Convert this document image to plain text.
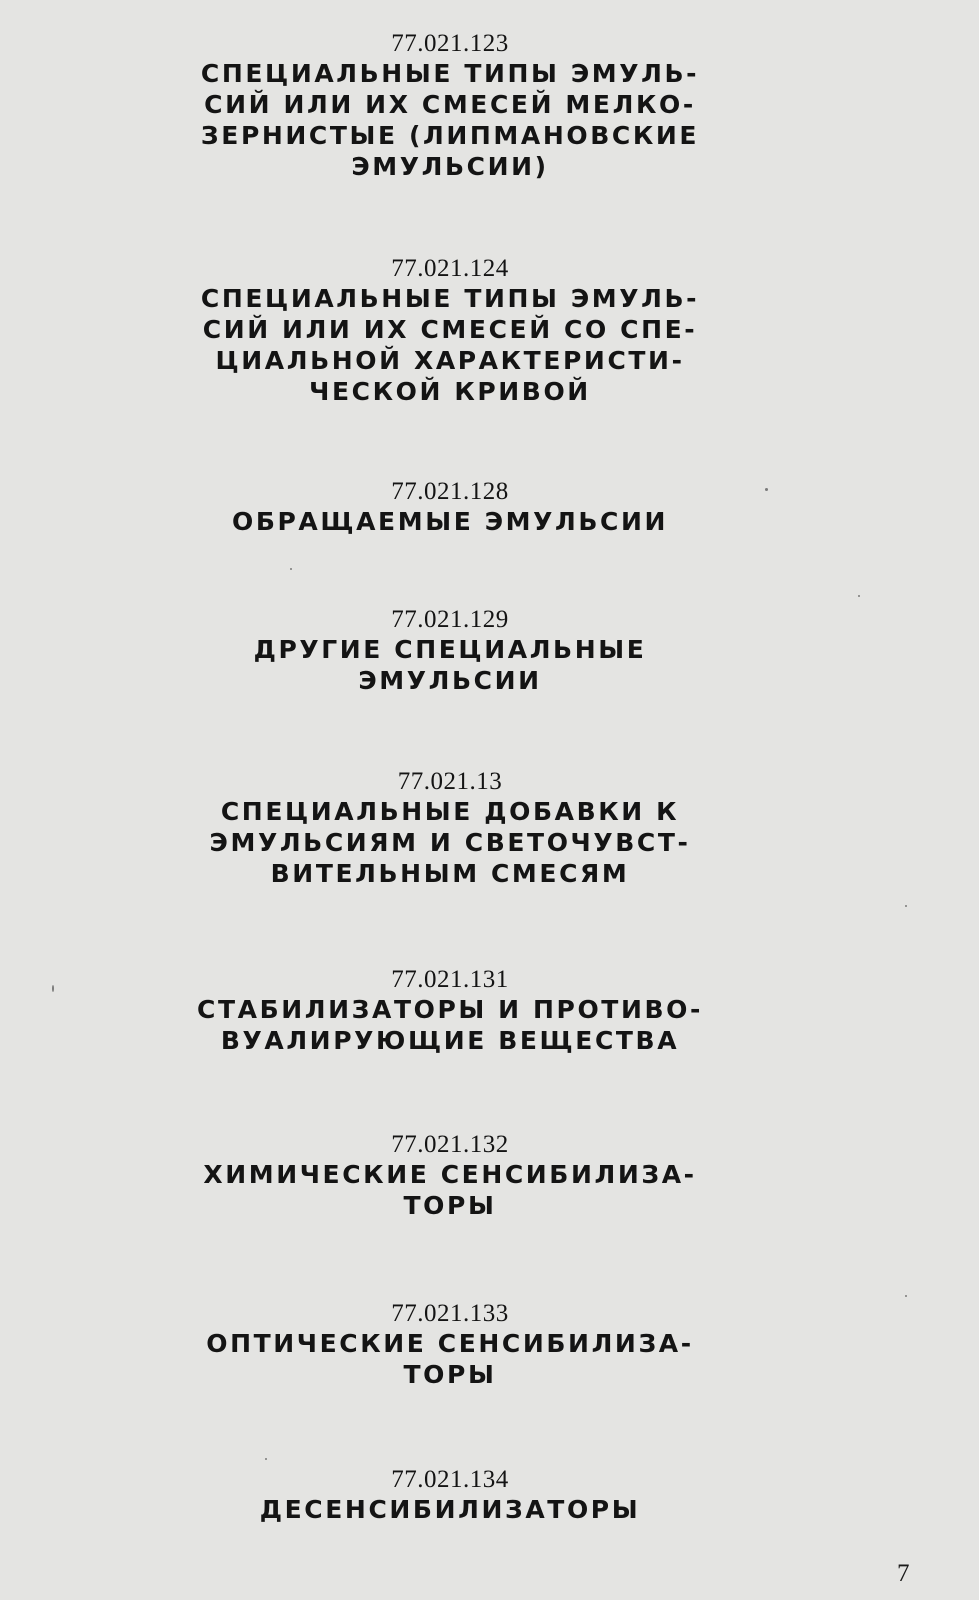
77.021.123
СПЕЦИАЛЬНЫЕ ТИПЫ ЭМУЛЬ-
СИЙ ИЛИ ИХ СМЕСЕЙ МЕЛКО-
ЗЕРНИСТЫЕ (ЛИПМАНОВСКИЕ
ЭМУЛЬСИИ)
77.021.124
СПЕЦИАЛЬНЫЕ ТИПЫ ЭМУЛЬ-
СИЙ ИЛИ ИХ СМЕСЕЙ СО СПЕ-
ЦИАЛЬНОЙ ХАРАКТЕРИСТИ-
ЧЕСКОЙ КРИВОЙ
77.021.128
ОБРАЩАЕМЫЕ ЭМУЛЬСИИ
77.021.129
ДРУГИЕ СПЕЦИАЛЬНЫЕ
ЭМУЛЬСИИ
77.021.13
СПЕЦИАЛЬНЫЕ ДОБАВКИ К
ЭМУЛЬСИЯМ И СВЕТОЧУВСТ-
ВИТЕЛЬНЫМ СМЕСЯМ
77.021.131
СТАБИЛИЗАТОРЫ И ПРОТИВО-
ВУАЛИРУЮЩИЕ ВЕЩЕСТВА
77.021.132
ХИМИЧЕСКИЕ СЕНСИБИЛИЗА-
ТОРЫ
77.021.133
ОПТИЧЕСКИЕ СЕНСИБИЛИЗА-
ТОРЫ
77.021.134
ДЕСЕНСИБИЛИЗАТОРЫ
7
